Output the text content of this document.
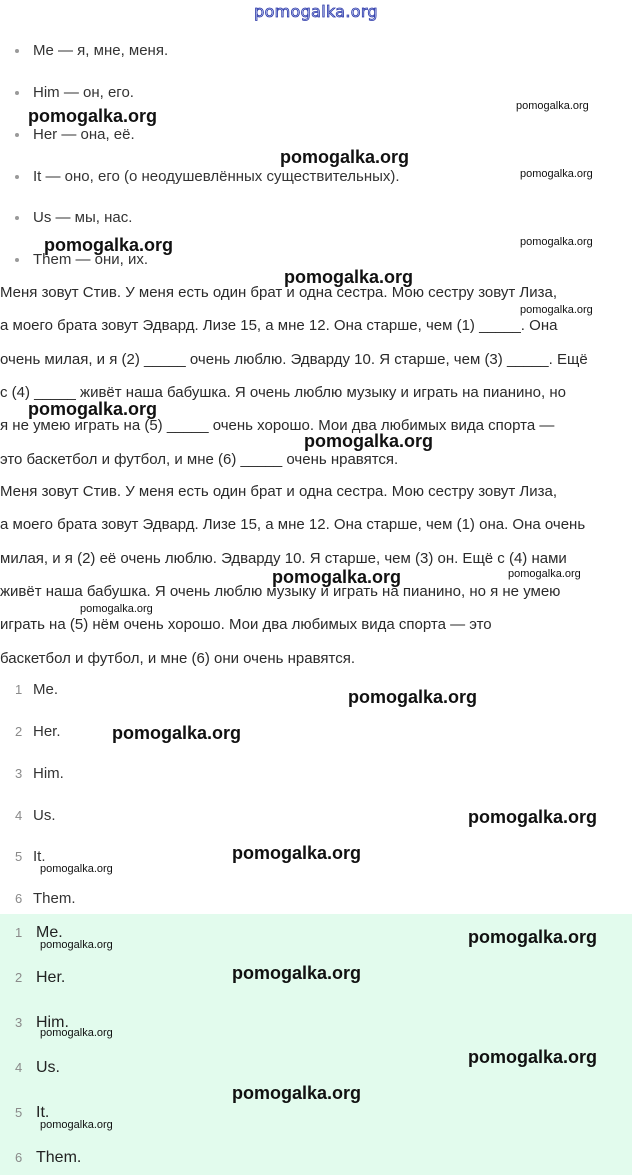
pomogalka.org
Me — я, мне, меня.
Him — он, его.
Her — она, её.
It — оно, его (о неодушевлённых существительных).
Us — мы, нас.
Them — они, их.
Меня зовут Стив. У меня есть один брат и одна сестра. Мою сестру зовут Лиза,
а моего брата зовут Эдвард. Лизе 15, а мне 12. Она старше, чем (1) _____. Она
очень милая, и я (2) _____ очень люблю. Эдварду 10. Я старше, чем (3) _____. Ещё
с (4) _____ живёт наша бабушка. Я очень люблю музыку и играть на пианино, но
я не умею играть на (5) _____ очень хорошо. Мои два любимых вида спорта —
это баскетбол и футбол, и мне (6) _____ очень нравятся.
Меня зовут Стив. У меня есть один брат и одна сестра. Мою сестру зовут Лиза,
а моего брата зовут Эдвард. Лизе 15, а мне 12. Она старше, чем (1) она. Она очень
милая, и я (2) её очень люблю. Эдварду 10. Я старше, чем (3) он. Ещё с (4) нами
живёт наша бабушка. Я очень люблю музыку и играть на пианино, но я не умею
играть на (5) нём очень хорошо. Мои два любимых вида спорта — это
баскетбол и футбол, и мне (6) они очень нравятся.
1 Me.
2 Her.
3 Him.
4 Us.
5 It.
6 Them.
1 Me.
2 Her.
3 Him.
4 Us.
5 It.
6 Them.
pomogalka.org	pomogalka.org
pomogalka.org
pomogalka.org
pomogalka.org	pomogalka.org
pomogalka.org
pomogalka.org
pomogalka.org
pomogalka.org
pomogalka.org	pomogalka.org
pomogalka.org
pomogalka.org
pomogalka.org
pomogalka.org
pomogalka.org
pomogalka.org
pomogalka.org
pomogalka.org
pomogalka.org
pomogalka.org
pomogalka.org
pomogalka.org
pomogalka.org
